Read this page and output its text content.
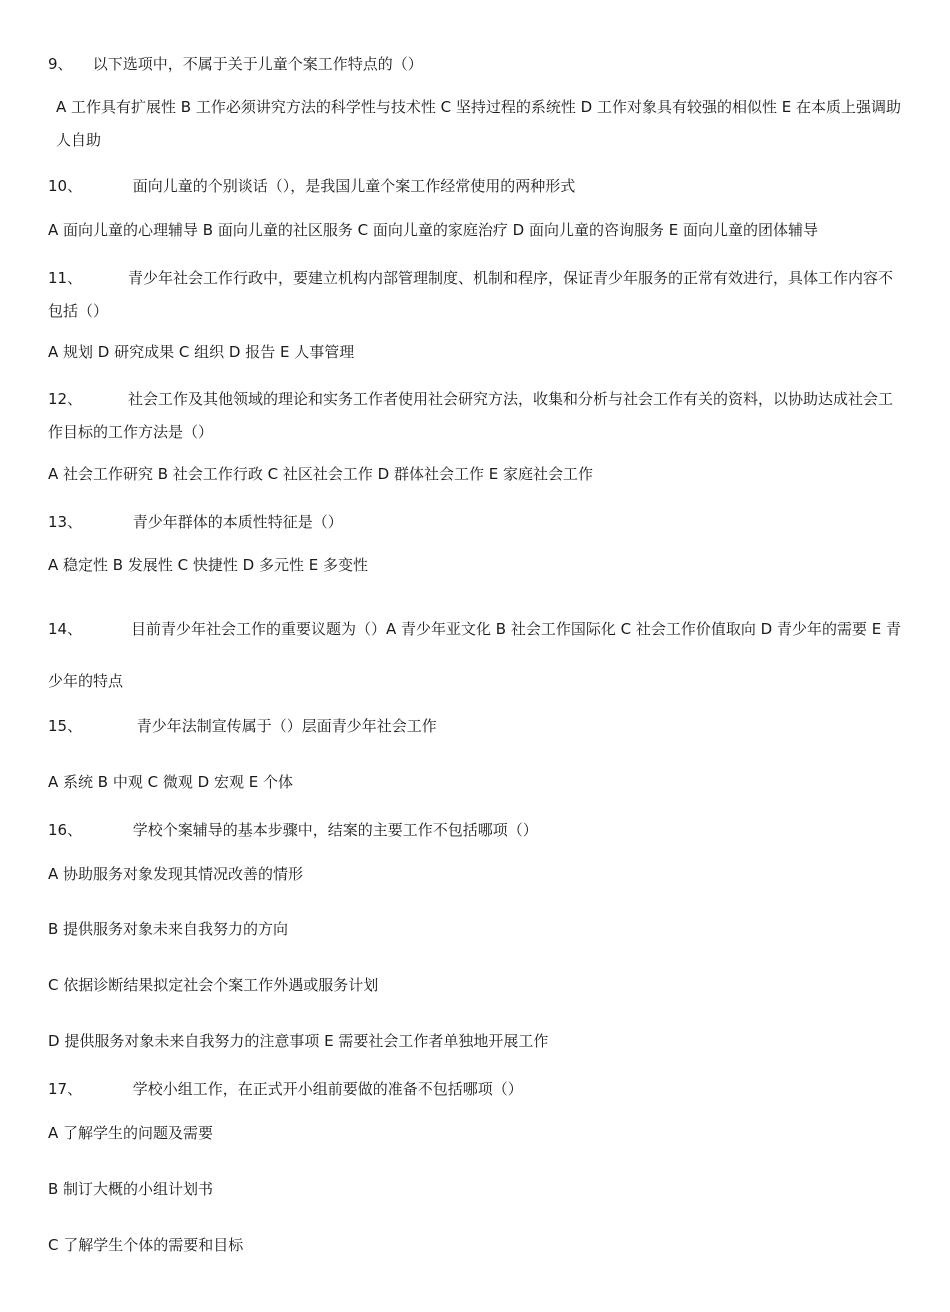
9、 以下选项中，不属于关于儿童个案工作特点的（）
A 工作具有扩展性 B 工作必须讲究方法的科学性与技术性 C 坚持过程的系统性 D 工作对象具有较强的相似性 E 在本质上强调助人自助
10、	面向儿童的个别谈话（），是我国儿童个案工作经常使用的两种形式
A 面向儿童的心理辅导 B 面向儿童的社区服务 C 面向儿童的家庭治疗 D 面向儿童的咨询服务 E 面向儿童的团体辅导
11、	青少年社会工作行政中，要建立机构内部管理制度、机制和程序，保证青少年服务的正常有效进行，具体工作内容不包括（）
A 规划 D 研究成果 C 组织 D 报告 E 人事管理
12、	社会工作及其他领域的理论和实务工作者使用社会研究方法，收集和分析与社会工作有关的资料，以协助达成社会工作目标的工作方法是（）
A 社会工作研究 B 社会工作行政 C 社区社会工作 D 群体社会工作 E 家庭社会工作
13、	青少年群体的本质性特征是（）
A 稳定性 B 发展性 C 快捷性 D 多元性 E 多变性
14、	目前青少年社会工作的重要议题为（）A 青少年亚文化 B 社会工作国际化 C 社会工作价值取向 D 青少年的需要 E 青少年的特点
15、	青少年法制宣传属于（）层面青少年社会工作
A 系统 B 中观 C 微观 D 宏观 E 个体
16、	学校个案辅导的基本步骤中，结案的主要工作不包括哪项（）
A 协助服务对象发现其情况改善的情形
B 提供服务对象未来自我努力的方向
C 依据诊断结果拟定社会个案工作外遇或服务计划
D 提供服务对象未来自我努力的注意事项 E 需要社会工作者单独地开展工作
17、	学校小组工作，在正式开小组前要做的准备不包括哪项（）
A 了解学生的问题及需要
B 制订大概的小组计划书
C 了解学生个体的需要和目标
